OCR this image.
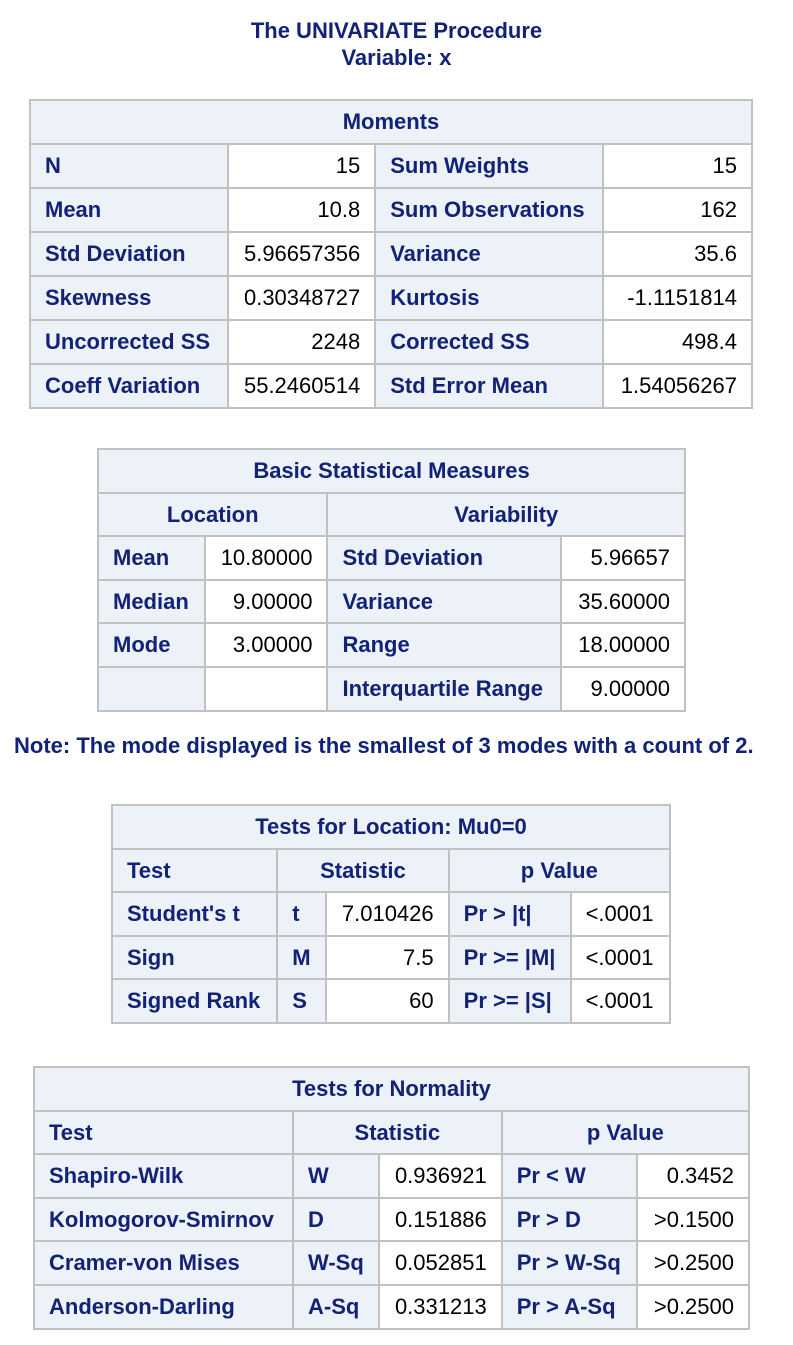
The UNIVARIATE Procedure
Variable: x
Moments			
N	15	Sum Weights	15
Mean	10.8	Sum Observations	162
Std Deviation	5.96657356	Variance	35.6
Skewness	0.30348727	Kurtosis	-1.1151814
Uncorrected SS	2248	Corrected SS	498.4
Coeff Variation	55.2460514	Std Error Mean	1.54056267
Basic Statistical Measures			
Location		Variability	
Mean	10.80000	Std Deviation	5.96657
Median	9.00000	Variance	35.60000
Mode	3.00000	Range	18.00000
		Interquartile Range	9.00000
Note: The mode displayed is the smallest of 3 modes with a count of 2.
Tests for Location: Mu0=0				
Test	Statistic		p Value	
Student's t	t	7.010426	Pr > |t|	<.0001
Sign	M	7.5	Pr >= |M|	<.0001
Signed Rank	S	60	Pr >= |S|	<.0001
Tests for Normality				
Test	Statistic		p Value	
Shapiro-Wilk	W	0.936921	Pr < W	0.3452
Kolmogorov-Smirnov	D	0.151886	Pr > D	>0.1500
Cramer-von Mises	W-Sq	0.052851	Pr > W-Sq	>0.2500
Anderson-Darling	A-Sq	0.331213	Pr > A-Sq	>0.2500
